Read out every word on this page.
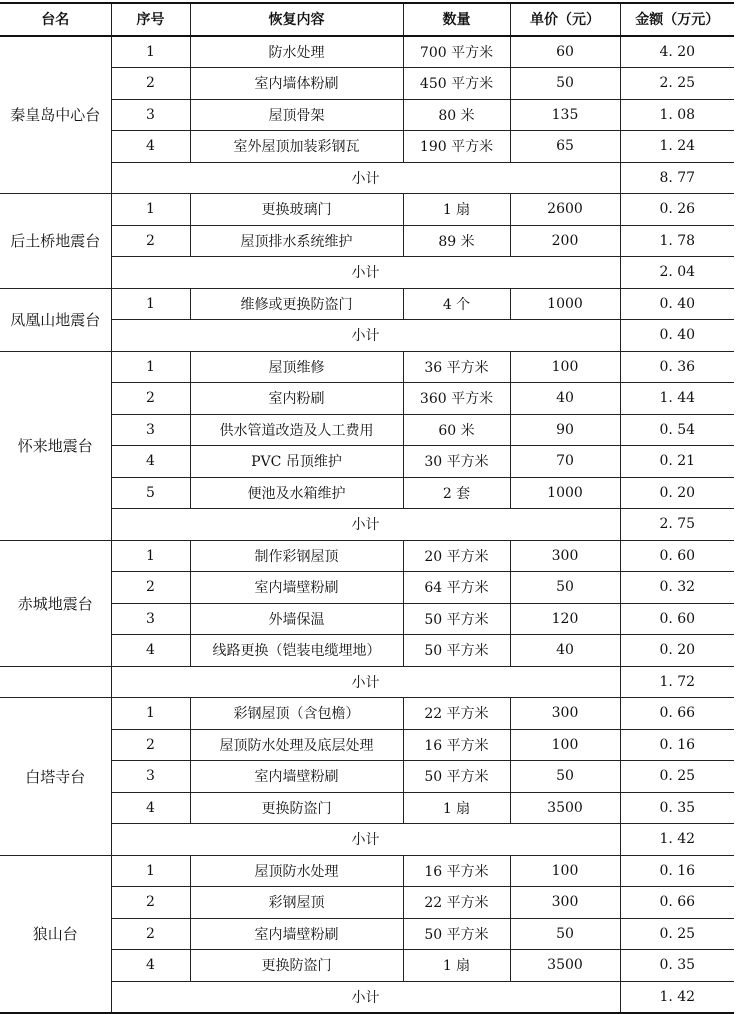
台名	序号	恢复内容	数量	单价（元）	金额（万元）
秦皇岛中心台	1	防水处理	700 平方米	60	4. 20
	2	室内墙体粉刷	450 平方米	50	2. 25
	3	屋顶骨架	80 米	135	1. 08
	4	室外屋顶加装彩钢瓦	190 平方米	65	1. 24
	小计				8. 77
后土桥地震台	1	更换玻璃门	1 扇	2600	0. 26
	2	屋顶排水系统维护	89 米	200	1. 78
	小计				2. 04
凤凰山地震台	1	维修或更换防盗门	4 个	1000	0. 40
	小计				0. 40
怀来地震台	1	屋顶维修	36 平方米	100	0. 36
	2	室内粉刷	360 平方米	40	1. 44
	3	供水管道改造及人工费用	60 米	90	0. 54
	4	PVC 吊顶维护	30 平方米	70	0. 21
	5	便池及水箱维护	2 套	1000	0. 20
	小计				2. 75
赤城地震台	1	制作彩钢屋顶	20 平方米	300	0. 60
	2	室内墙壁粉刷	64 平方米	50	0. 32
	3	外墙保温	50 平方米	120	0. 60
	4	线路更换（铠装电缆埋地）	50 平方米	40	0. 20
	小计				1. 72
白塔寺台	1	彩钢屋顶（含包檐）	22 平方米	300	0. 66
	2	屋顶防水处理及底层处理	16 平方米	100	0. 16
	3	室内墙壁粉刷	50 平方米	50	0. 25
	4	更换防盗门	1 扇	3500	0. 35
	小计				1. 42
狼山台	1	屋顶防水处理	16 平方米	100	0. 16
	2	彩钢屋顶	22 平方米	300	0. 66
	2	室内墙壁粉刷	50 平方米	50	0. 25
	4	更换防盗门	1 扇	3500	0. 35
	小计				1. 42
